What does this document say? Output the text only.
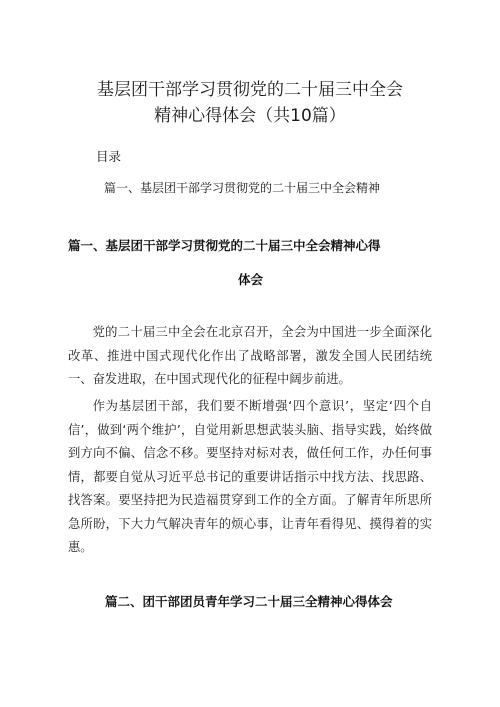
基层团干部学习贯彻党的二十届三中全会
精神心得体会（共10篇）
目录
篇一、基层团干部学习贯彻党的二十届三中全会精神
篇一、基层团干部学习贯彻党的二十届三中全会精神心得
体会
党的二十届三中全会在北京召开，全会为中国进一步全面深化改革、推进中国式现代化作出了战略部署，激发全国人民团结统一、奋发进取，在中国式现代化的征程中阔步前进。
作为基层团干部，我们要不断增强‘四个意识’，坚定‘四个自信’，做到‘两个维护’，自觉用新思想武装头脑、指导实践，始终做到方向不偏、信念不移。要坚持对标对表，做任何工作，办任何事情，都要自觉从习近平总书记的重要讲话指示中找方法、找思路、找答案。要坚持把为民造福贯穿到工作的全方面。了解青年所思所急所盼，下大力气解决青年的烦心事，让青年看得见、摸得着的实惠。
篇二、团干部团员青年学习二十届三全精神心得体会
